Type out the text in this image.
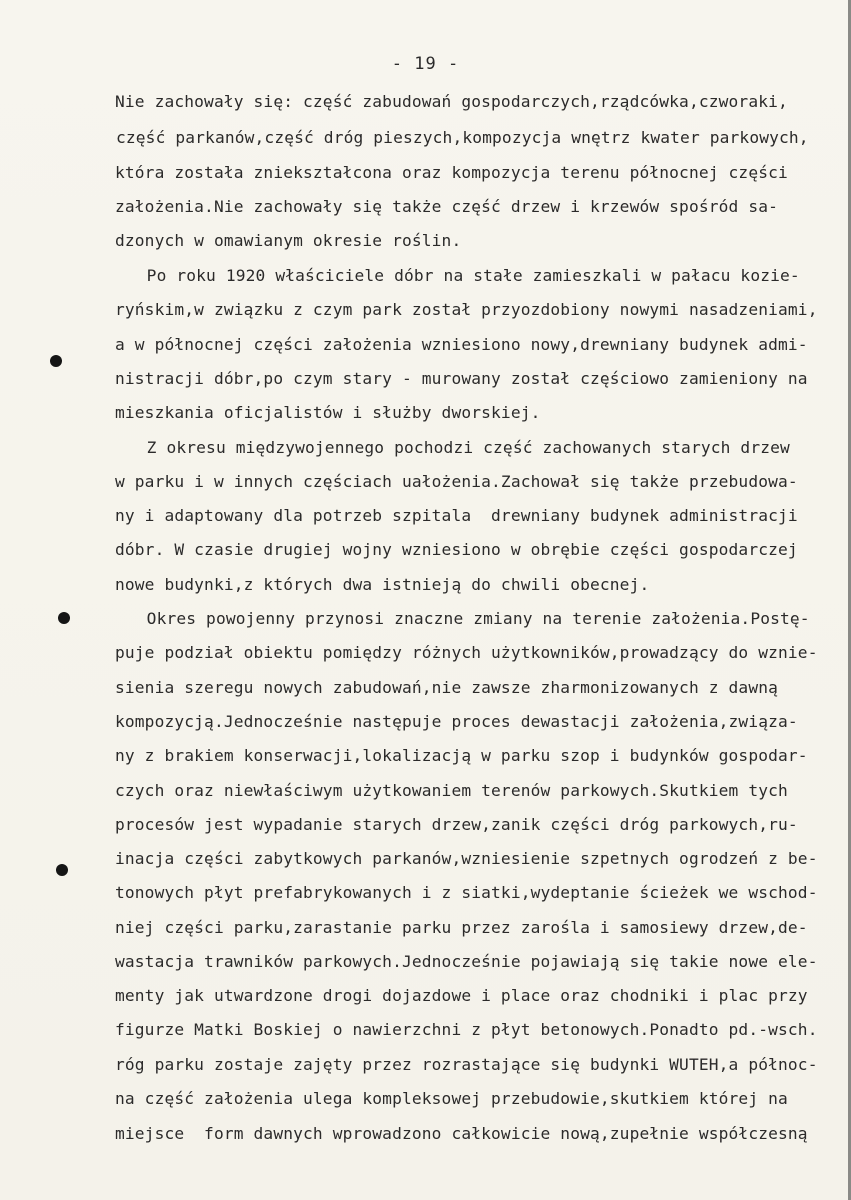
- 19 -
Nie zachowały się: część zabudowań gospodarczych,rządcówka,czworaki,
część parkanów,część dróg pieszych,kompozycja wnętrz kwater parkowych,
która została zniekształcona oraz kompozycja terenu północnej części
założenia.Nie zachowały się także część drzew i krzewów spośród sa-
dzonych w omawianym okresie roślin.
Po roku 1920 właściciele dóbr na stałe zamieszkali w pałacu kozie-
ryńskim,w związku z czym park został przyozdobiony nowymi nasadzeniami,
a w północnej części założenia wzniesiono nowy,drewniany budynek admi-
nistracji dóbr,po czym stary - murowany został częściowo zamieniony na
mieszkania oficjalistów i służby dworskiej.
Z okresu międzywojennego pochodzi część zachowanych starych drzew
w parku i w innych częściach uałożenia.Zachował się także przebudowa-
ny i adaptowany dla potrzeb szpitala  drewniany budynek administracji
dóbr. W czasie drugiej wojny wzniesiono w obrębie części gospodarczej
nowe budynki,z których dwa istnieją do chwili obecnej.
Okres powojenny przynosi znaczne zmiany na terenie założenia.Postę-
puje podział obiektu pomiędzy różnych użytkowników,prowadzący do wznie-
sienia szeregu nowych zabudowań,nie zawsze zharmonizowanych z dawną
kompozycją.Jednocześnie następuje proces dewastacji założenia,związa-
ny z brakiem konserwacji,lokalizacją w parku szop i budynków gospodar-
czych oraz niewłaściwym użytkowaniem terenów parkowych.Skutkiem tych
procesów jest wypadanie starych drzew,zanik części dróg parkowych,ru-
inacja części zabytkowych parkanów,wzniesienie szpetnych ogrodzeń z be-
tonowych płyt prefabrykowanych i z siatki,wydeptanie ścieżek we wschod-
niej części parku,zarastanie parku przez zarośla i samosiewy drzew,de-
wastacja trawników parkowych.Jednocześnie pojawiają się takie nowe ele-
menty jak utwardzone drogi dojazdowe i place oraz chodniki i plac przy
figurze Matki Boskiej o nawierzchni z płyt betonowych.Ponadto pd.-wsch.
róg parku zostaje zajęty przez rozrastające się budynki WUTEH,a północ-
na część założenia ulega kompleksowej przebudowie,skutkiem której na
miejsce  form dawnych wprowadzono całkowicie nową,zupełnie współczesną
